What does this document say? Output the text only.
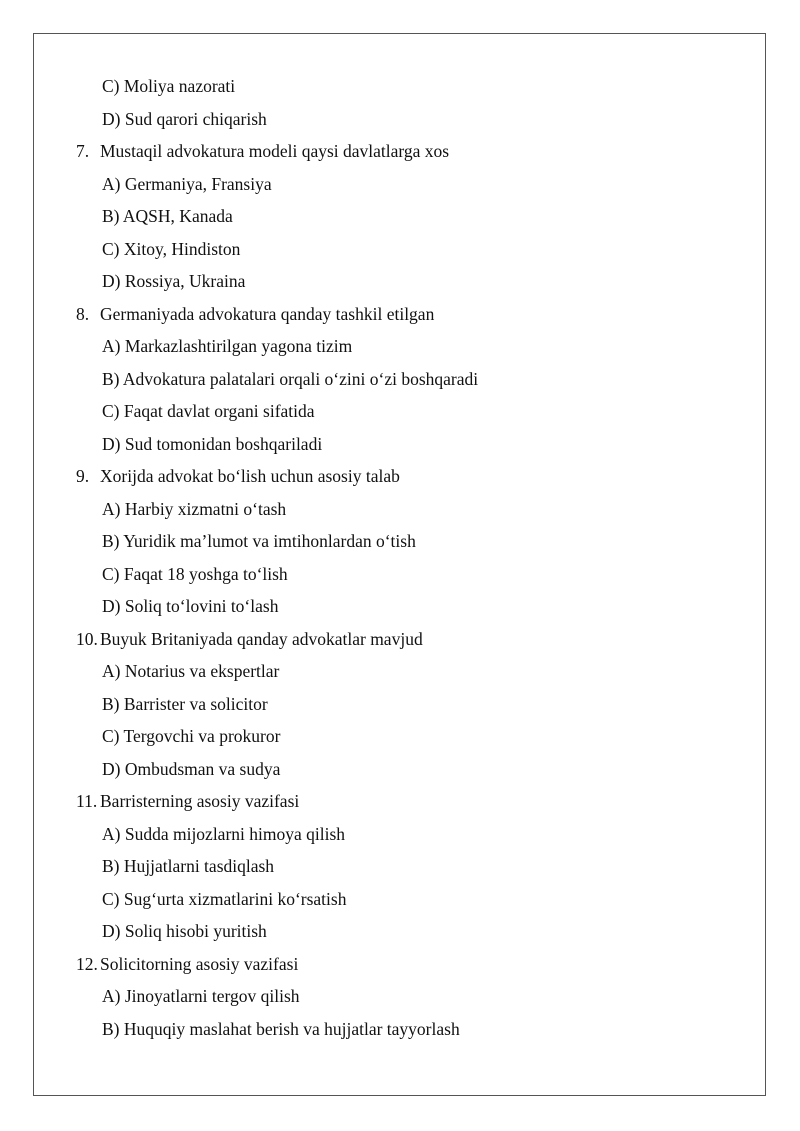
C) Moliya nazorati
D) Sud qarori chiqarish
7. Mustaqil advokatura modeli qaysi davlatlarga xos
A) Germaniya, Fransiya
B) AQSH, Kanada
C) Xitoy, Hindiston
D) Rossiya, Ukraina
8. Germaniyada advokatura qanday tashkil etilgan
A) Markazlashtirilgan yagona tizim
B) Advokatura palatalari orqali o‘zini o‘zi boshqaradi
C) Faqat davlat organi sifatida
D) Sud tomonidan boshqariladi
9. Xorijda advokat bo‘lish uchun asosiy talab
A) Harbiy xizmatni o‘tash
B) Yuridik ma’lumot va imtihonlardan o‘tish
C) Faqat 18 yoshga to‘lish
D) Soliq to‘lovini to‘lash
10. Buyuk Britaniyada qanday advokatlar mavjud
A) Notarius va ekspertlar
B) Barrister va solicitor
C) Tergovchi va prokuror
D) Ombudsman va sudya
11. Barristerning asosiy vazifasi
A) Sudda mijozlarni himoya qilish
B) Hujjatlarni tasdiqlash
C) Sug‘urta xizmatlarini ko‘rsatish
D) Soliq hisobi yuritish
12. Solicitorning asosiy vazifasi
A) Jinoyatlarni tergov qilish
B) Huquqiy maslahat berish va hujjatlar tayyorlash
